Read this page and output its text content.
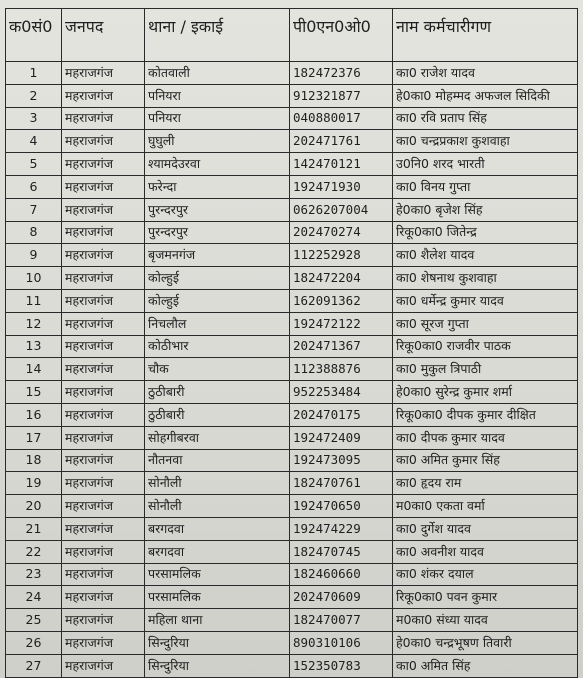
क0सं0	जनपद	थाना / इकाई	पी0एन0ओ0	नाम कर्मचारीगण
1	महराजगंज	कोतवाली	182472376	का0 राजेश यादव
2	महराजगंज	पनियरा	912321877	हे0का0 मोहम्मद अफजल सिदिकी
3	महराजगंज	पनियरा	040880017	का0 रवि प्रताप सिंह
4	महराजगंज	घुघुली	202471761	का0 चन्द्रप्रकाश कुशवाहा
5	महराजगंज	श्यामदेउरवा	142470121	उ0नि0 शरद भारती
6	महराजगंज	फरेन्दा	192471930	का0 विनय गुप्ता
7	महराजगंज	पुरन्दरपुर	0626207004	हे0का0 बृजेश सिंह
8	महराजगंज	पुरन्दरपुर	202470274	रिकू0का0 जितेन्द्र
9	महराजगंज	बृजमनगंज	112252928	का0 शैलेश यादव
10	महराजगंज	कोल्हुई	182472204	का0 शेषनाथ कुशवाहा
11	महराजगंज	कोल्हुई	162091362	का0 धर्मेन्द्र कुमार यादव
12	महराजगंज	निचलौल	192472122	का0 सूरज गुप्ता
13	महराजगंज	कोठीभार	202471367	रिकू0का0 राजवीर पाठक
14	महराजगंज	चौक	112388876	का0 मुकुल त्रिपाठी
15	महराजगंज	ठुठीबारी	952253484	हे0का0 सुरेन्द्र कुमार शर्मा
16	महराजगंज	ठुठीबारी	202470175	रिकू0का0 दीपक कुमार दीक्षित
17	महराजगंज	सोहगीबरवा	192472409	का0 दीपक कुमार यादव
18	महराजगंज	नौतनवा	192473095	का0 अमित कुमार सिंह
19	महराजगंज	सोनौली	182470761	का0 हृदय राम
20	महराजगंज	सोनौली	192470650	म0का0 एकता वर्मा
21	महराजगंज	बरगदवा	192474229	का0 दुर्गेश यादव
22	महराजगंज	बरगदवा	182470745	का0 अवनीश यादव
23	महराजगंज	परसामलिक	182460660	का0 शंकर दयाल
24	महराजगंज	परसामलिक	202470609	रिकू0का0 पवन कुमार
25	महराजगंज	महिला थाना	182470077	म0का0 संध्या यादव
26	महराजगंज	सिन्दुरिया	890310106	हे0का0 चन्द्रभूषण तिवारी
27	महराजगंज	सिन्दुरिया	152350783	का0 अमित सिंह
